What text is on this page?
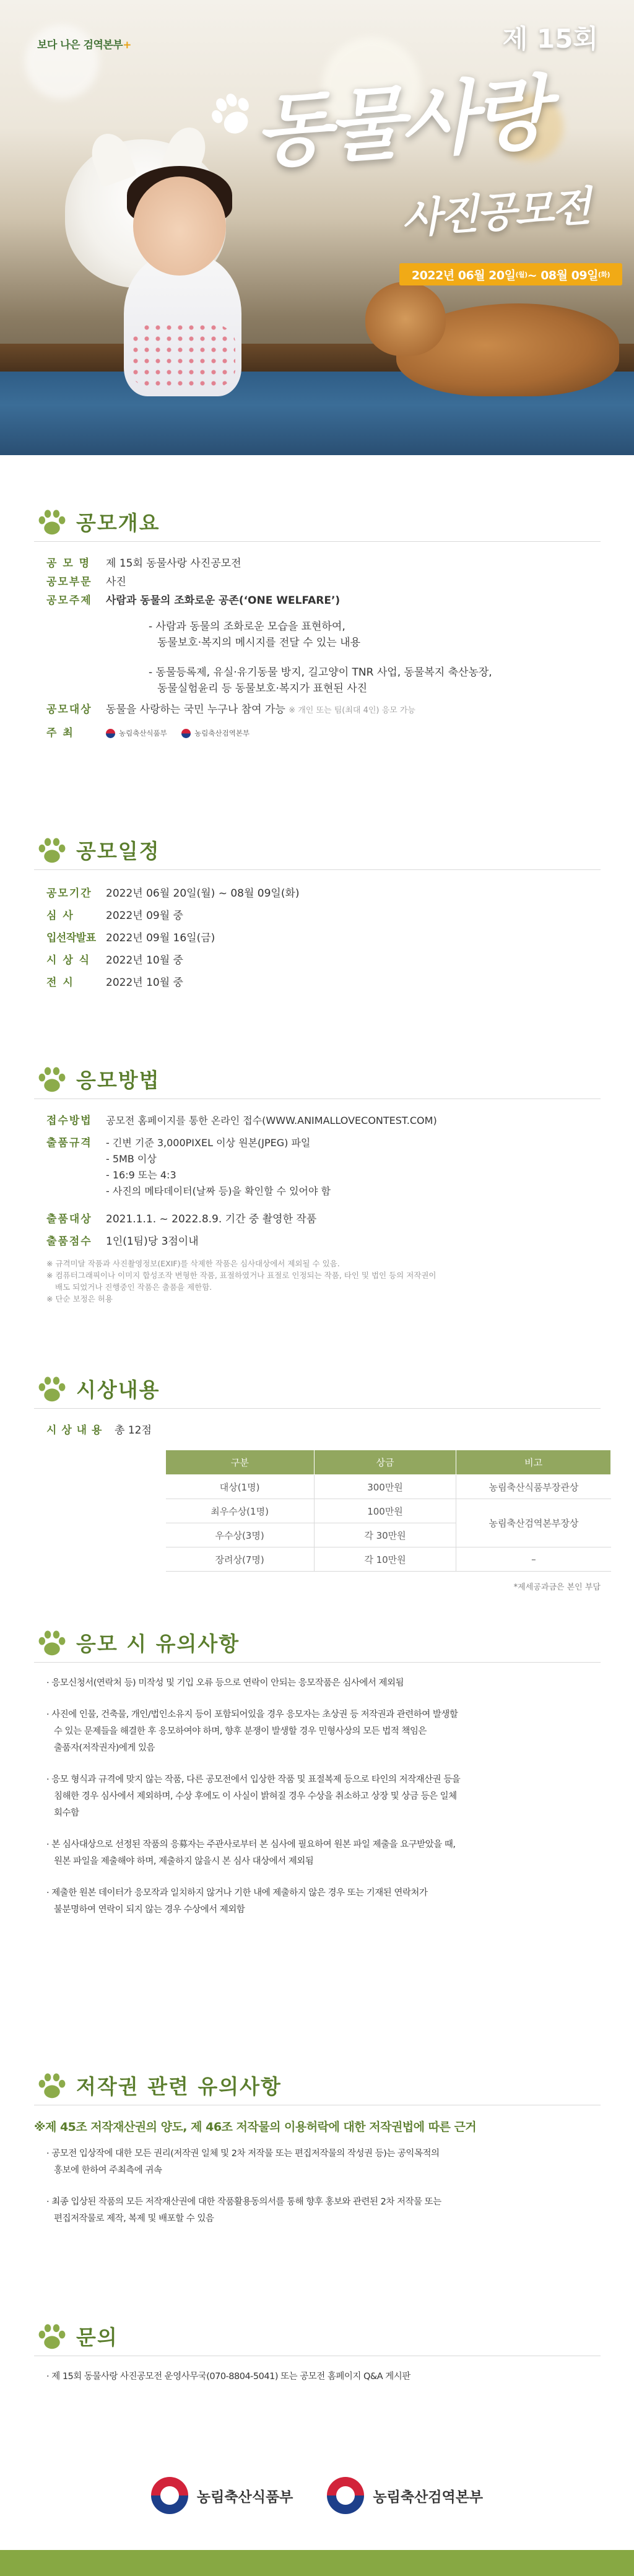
보다 나은 검역본부+	제 15회
동물사랑
사진공모전
2022년 06월 20일 (월) ~ 08월 09일 (화)
공모개요
공 모 명	제 15회 동물사랑 사진공모전
공모부문	사진
공모주제	사람과 동물의 조화로운 공존(‘ONE WELFARE’)
- 사람과 동물의 조화로운 모습을 표현하여,
동물보호·복지의 메시지를 전달 수 있는 내용
- 동물등록제, 유실·유기동물 방지, 길고양이 TNR 사업, 동물복지 축산농장,
동물실험윤리 등 동물보호·복지가 표현된 사진
공모대상	동물을 사랑하는 국민 누구나 참여 가능 ※ 개인 또는 팀(최대 4인) 응모 가능
주 최	농림축산식품부
	농림축산검역본부
공모일정
공모기간	2022년 06월 20일(월) ~ 08월 09일(화)
심 사	2022년 09월 중
입선작발표 2022년 09월 16일(금)
시 상 식	2022년 10월 중
전 시	2022년 10월 중
응모방법
접수방법	공모전 홈페이지를 통한 온라인 접수(WWW.ANIMALLOVECONTEST.COM)
출품규격	- 긴변 기준 3,000PIXEL 이상 원본(JPEG) 파일
- 5MB 이상
- 16:9 또는 4:3
- 사진의 메타데이터(날짜 등)을 확인할 수 있어야 함
출품대상	2021.1.1. ~ 2022.8.9. 기간 중 촬영한 작품
출품점수	1인(1팀)당 3점이내
※ 규격미달 작품과 사진촬영정보(EXIF)를 삭제한 작품은 심사대상에서 제외될 수 있음.
※ 컴퓨터그래픽이나 이미지 합성조작 변형한 작품, 표절하였거나 표절로 인정되는 작품, 타인 및 법인 등의 저작권이
배도 되었거나 진행중인 작품은 출품을 제한함.
※ 단순 보정은 허용
시상내용
시 상 내 용	총 12점
구분	상금	비고
대상(1명)	300만원	농림축산식품부장관상
최우수상(1명)	100만원	농림축산검역본부장상
우수상(3명)	각 30만원	
장려상(7명)	각 10만원	–
*제세공과금은 본인 부담
응모 시 유의사항

· 응모신청서(연락처 등) 미작성 및 기입 오류 등으로 연락이 안되는 응모작품은 심사에서 제외됨

· 사진에 인물, 건축물, 개인/법인소유지 등이 포함되어있을 경우 응모자는 초상권 등 저작권과 관련하여 발생할
수 있는 문제들을 해결한 후 응모하여야 하며, 향후 분쟁이 발생할 경우 민형사상의 모든 법적 책임은
출품자(저작권자)에게 있음

· 응모 형식과 규격에 맞지 않는 작품, 다른 공모전에서 입상한 작품 및 표절복제 등으로 타인의 저작재산권 등을
침해한 경우 심사에서 제외하며, 수상 후에도 이 사실이 밝혀질 경우 수상을 취소하고 상장 및 상금 등은 일체
회수함

· 본 심사대상으로 선정된 작품의 응募자는 주관사로부터 본 심사에 필요하여 원본 파일 제출을 요구받았을 때,
원본 파일을 제출해야 하며, 제출하지 않을시 본 심사 대상에서 제외됨

· 제출한 원본 데이터가 응모작과 일치하지 않거나 기한 내에 제출하지 않은 경우 또는 기재된 연락처가
불분명하여 연락이 되지 않는 경우 수상에서 제외함

저작권 관련 유의사항
※제 45조 저작재산권의 양도, 제 46조 저작물의 이용허락에 대한 저작권법에 따른 근거

· 공모전 입상작에 대한 모든 권리(저작권 일체 및 2차 저작물 또는 편집저작물의 작성권 등)는 공익목적의
홍보에 한하여 주최측에 귀속

· 최종 입상된 작품의 모든 저작재산권에 대한 작품활용동의서를 통해 향후 홍보와 관련된 2차 저작물 또는
편집저작물로 제작, 복제 및 배포할 수 있음

문의

· 제 15회 동물사랑 사진공모전 운영사무국(070-8804-5041) 또는 공모전 홈페이지 Q&A 게시판

농림축산식품부	농림축산검역본부
